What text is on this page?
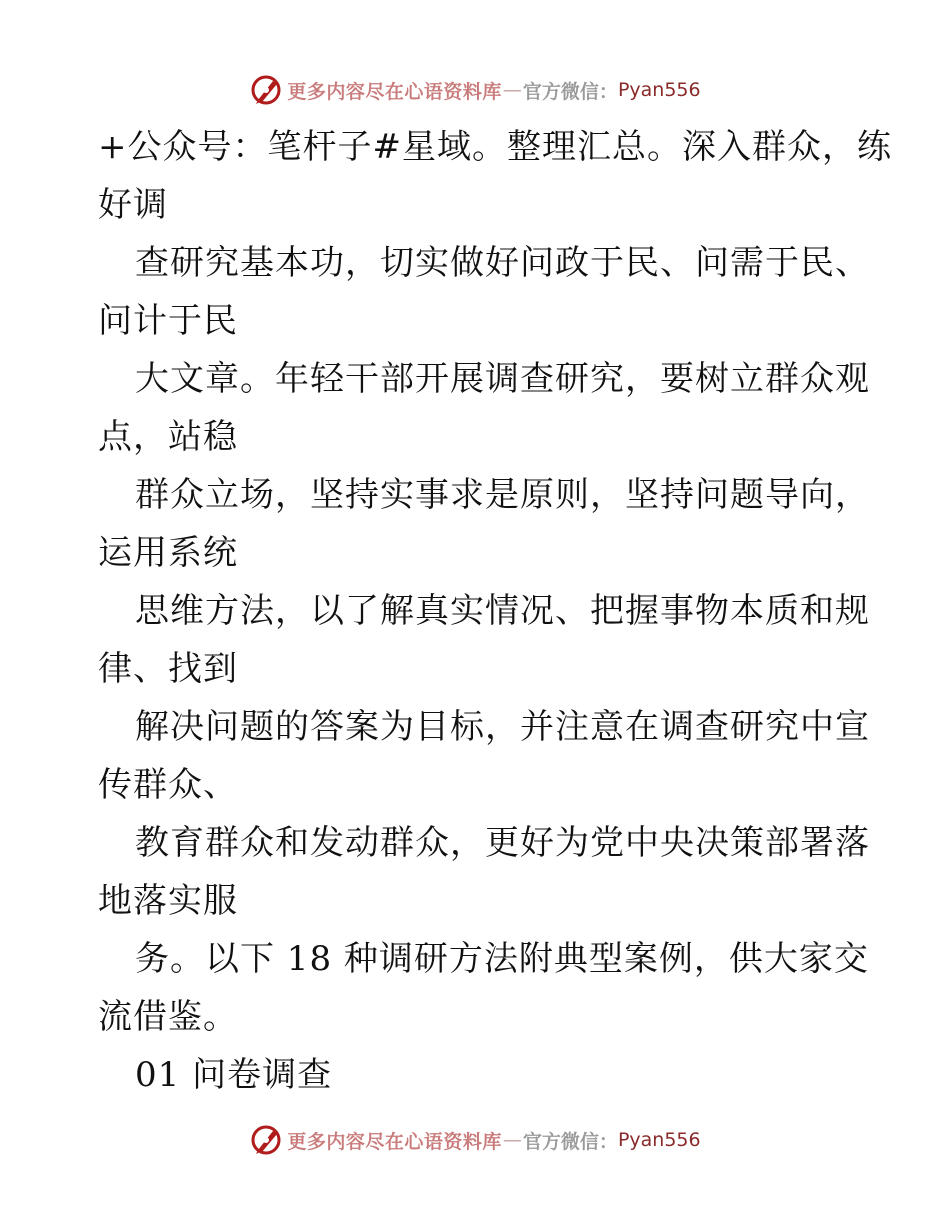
更多内容尽在心语资料库 — 官方微信： Pyan556
+公众号：笔杆子#星域。整理汇总。深入群众，练
好调
查研究基本功，切实做好问政于民、问需于民、
问计于民
大文章。年轻干部开展调查研究，要树立群众观
点，站稳
群众立场，坚持实事求是原则，坚持问题导向，
运用系统
思维方法，以了解真实情况、把握事物本质和规
律、找到
解决问题的答案为目标，并注意在调查研究中宣
传群众、
教育群众和发动群众，更好为党中央决策部署落
地落实服
务。以下 18 种调研方法附典型案例，供大家交
流借鉴。
01 问卷调查
更多内容尽在心语资料库 — 官方微信： Pyan556
